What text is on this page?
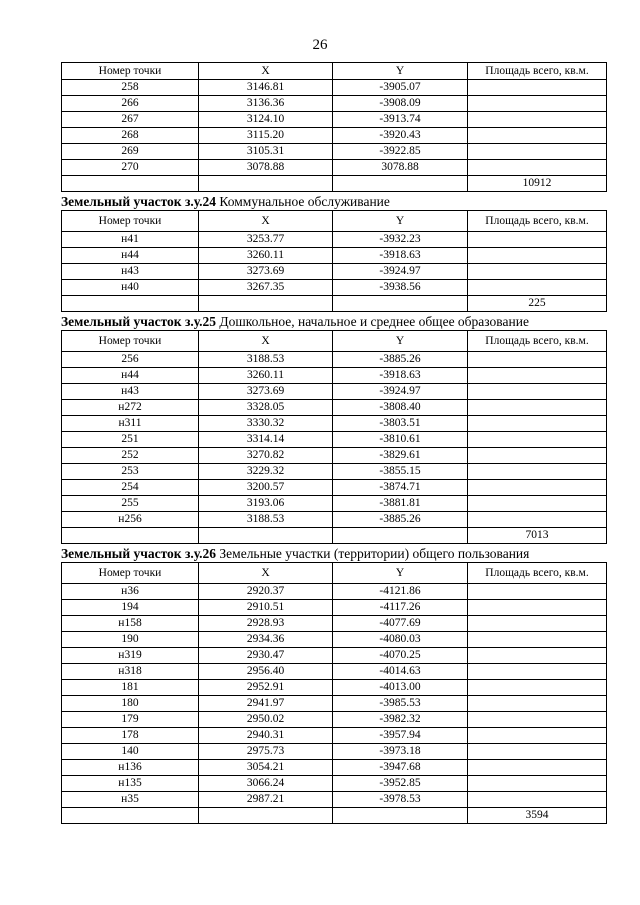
26
Номер точки	X	Y	Площадь всего, кв.м.
258	3146.81	-3905.07	
266	3136.36	-3908.09	
267	3124.10	-3913.74	
268	3115.20	-3920.43	
269	3105.31	-3922.85	
270	3078.88	3078.88	
			10912
Земельный участок з.у.24 Коммунальное обслуживание
Номер точки	X	Y	Площадь всего, кв.м.
н41	3253.77	-3932.23	
н44	3260.11	-3918.63	
н43	3273.69	-3924.97	
н40	3267.35	-3938.56	
			225
Земельный участок з.у.25 Дошкольное, начальное и среднее общее образование
Номер точки	X	Y	Площадь всего, кв.м.
256	3188.53	-3885.26	
н44	3260.11	-3918.63	
н43	3273.69	-3924.97	
н272	3328.05	-3808.40	
н311	3330.32	-3803.51	
251	3314.14	-3810.61	
252	3270.82	-3829.61	
253	3229.32	-3855.15	
254	3200.57	-3874.71	
255	3193.06	-3881.81	
н256	3188.53	-3885.26	
			7013
Земельный участок з.у.26 Земельные участки (территории) общего пользования
Номер точки	X	Y	Площадь всего, кв.м.
н36	2920.37	-4121.86	
194	2910.51	-4117.26	
н158	2928.93	-4077.69	
190	2934.36	-4080.03	
н319	2930.47	-4070.25	
н318	2956.40	-4014.63	
181	2952.91	-4013.00	
180	2941.97	-3985.53	
179	2950.02	-3982.32	
178	2940.31	-3957.94	
140	2975.73	-3973.18	
н136	3054.21	-3947.68	
н135	3066.24	-3952.85	
н35	2987.21	-3978.53	
			3594
